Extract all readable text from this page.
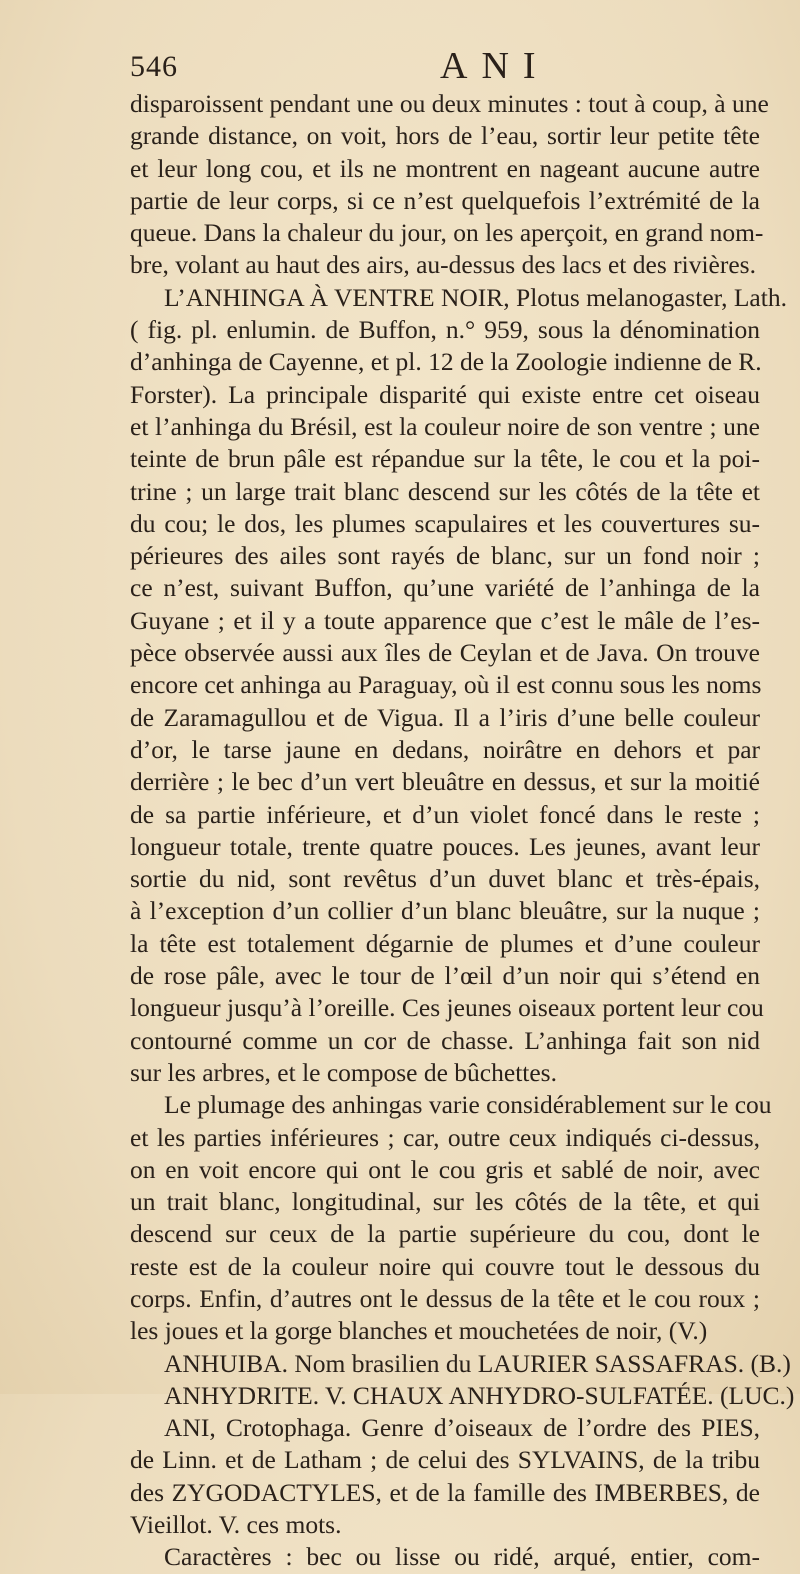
546	ANI
disparoissent pendant une ou deux minutes : tout à coup, à une
grande distance, on voit, hors de l’eau, sortir leur petite tête
et leur long cou, et ils ne montrent en nageant aucune autre
partie de leur corps, si ce n’est quelquefois l’extrémité de la
queue. Dans la chaleur du jour, on les aperçoit, en grand nom-
bre, volant au haut des airs, au-dessus des lacs et des rivières.
L’ANHINGA À VENTRE NOIR, Plotus melanogaster, Lath.
( fig. pl. enlumin. de Buffon, n.° 959, sous la dénomination
d’anhinga de Cayenne, et pl. 12 de la Zoologie indienne de R.
Forster). La principale disparité qui existe entre cet oiseau
et l’anhinga du Brésil, est la couleur noire de son ventre ; une
teinte de brun pâle est répandue sur la tête, le cou et la poi-
trine ; un large trait blanc descend sur les côtés de la tête et
du cou; le dos, les plumes scapulaires et les couvertures su-
périeures des ailes sont rayés de blanc, sur un fond noir ;
ce n’est, suivant Buffon, qu’une variété de l’anhinga de la
Guyane ; et il y a toute apparence que c’est le mâle de l’es-
pèce observée aussi aux îles de Ceylan et de Java. On trouve
encore cet anhinga au Paraguay, où il est connu sous les noms
de Zaramagullou et de Vigua. Il a l’iris d’une belle couleur
d’or, le tarse jaune en dedans, noirâtre en dehors et par
derrière ; le bec d’un vert bleuâtre en dessus, et sur la moitié
de sa partie inférieure, et d’un violet foncé dans le reste ;
longueur totale, trente quatre pouces. Les jeunes, avant leur
sortie du nid, sont revêtus d’un duvet blanc et très-épais,
à l’exception d’un collier d’un blanc bleuâtre, sur la nuque ;
la tête est totalement dégarnie de plumes et d’une couleur
de rose pâle, avec le tour de l’œil d’un noir qui s’étend en
longueur jusqu’à l’oreille. Ces jeunes oiseaux portent leur cou
contourné comme un cor de chasse. L’anhinga fait son nid
sur les arbres, et le compose de bûchettes.
Le plumage des anhingas varie considérablement sur le cou
et les parties inférieures ; car, outre ceux indiqués ci-dessus,
on en voit encore qui ont le cou gris et sablé de noir, avec
un trait blanc, longitudinal, sur les côtés de la tête, et qui
descend sur ceux de la partie supérieure du cou, dont le
reste est de la couleur noire qui couvre tout le dessous du
corps. Enfin, d’autres ont le dessus de la tête et le cou roux ;
les joues et la gorge blanches et mouchetées de noir, (V.)
ANHUIBA. Nom brasilien du LAURIER SASSAFRAS. (B.)
ANHYDRITE. V. CHAUX ANHYDRO-SULFATÉE. (LUC.)
ANI, Crotophaga. Genre d’oiseaux de l’ordre des PIES,
de Linn. et de Latham ; de celui des SYLVAINS, de la tribu
des ZYGODACTYLES, et de la famille des IMBERBES, de
Vieillot. V. ces mots.
Caractères : bec ou lisse ou ridé, arqué, entier, com-
